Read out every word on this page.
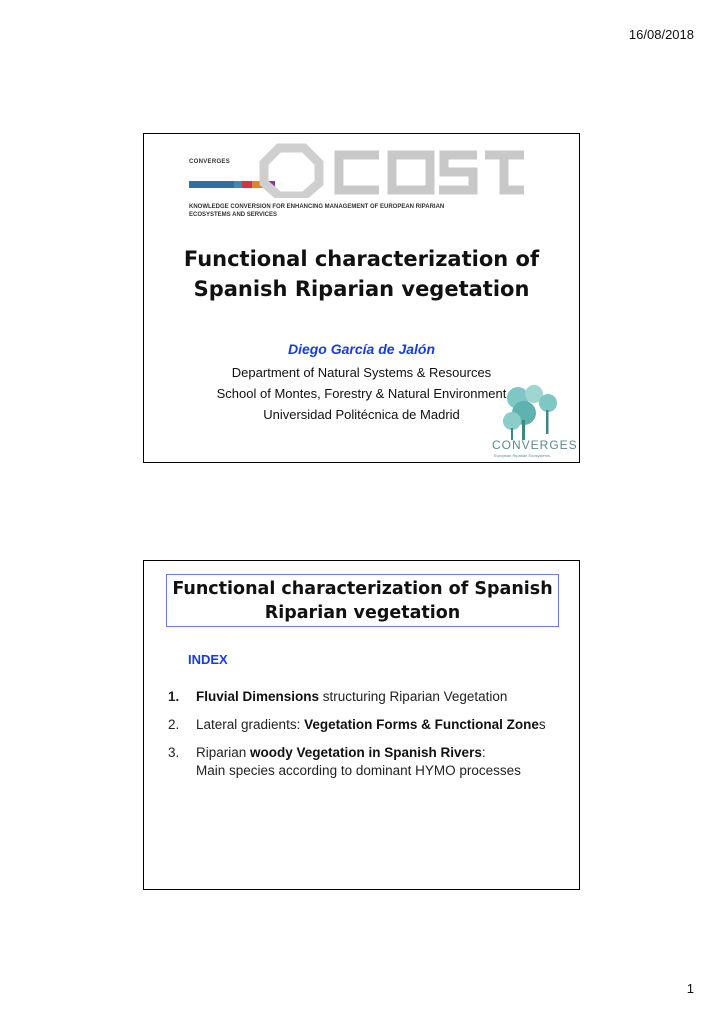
16/08/2018
CONVERGES
KNOWLEDGE CONVERSION FOR ENHANCING MANAGEMENT OF EUROPEAN RIPARIAN
ECOSYSTEMS AND SERVICES
Functional characterization of
Spanish Riparian vegetation
Diego García de Jalón
Department of Natural Systems & Resources
School of Montes, Forestry & Natural Environment
Universidad Politécnica de Madrid
CONVERGES
European Riparian Ecosystems
Functional characterization of Spanish
Riparian vegetation
INDEX
1.	Fluvial Dimensions structuring Riparian Vegetation
2.	Lateral gradients: Vegetation Forms & Functional Zones
3.	Riparian woody Vegetation in Spanish Rivers:
Main species according to dominant HYMO processes
1
